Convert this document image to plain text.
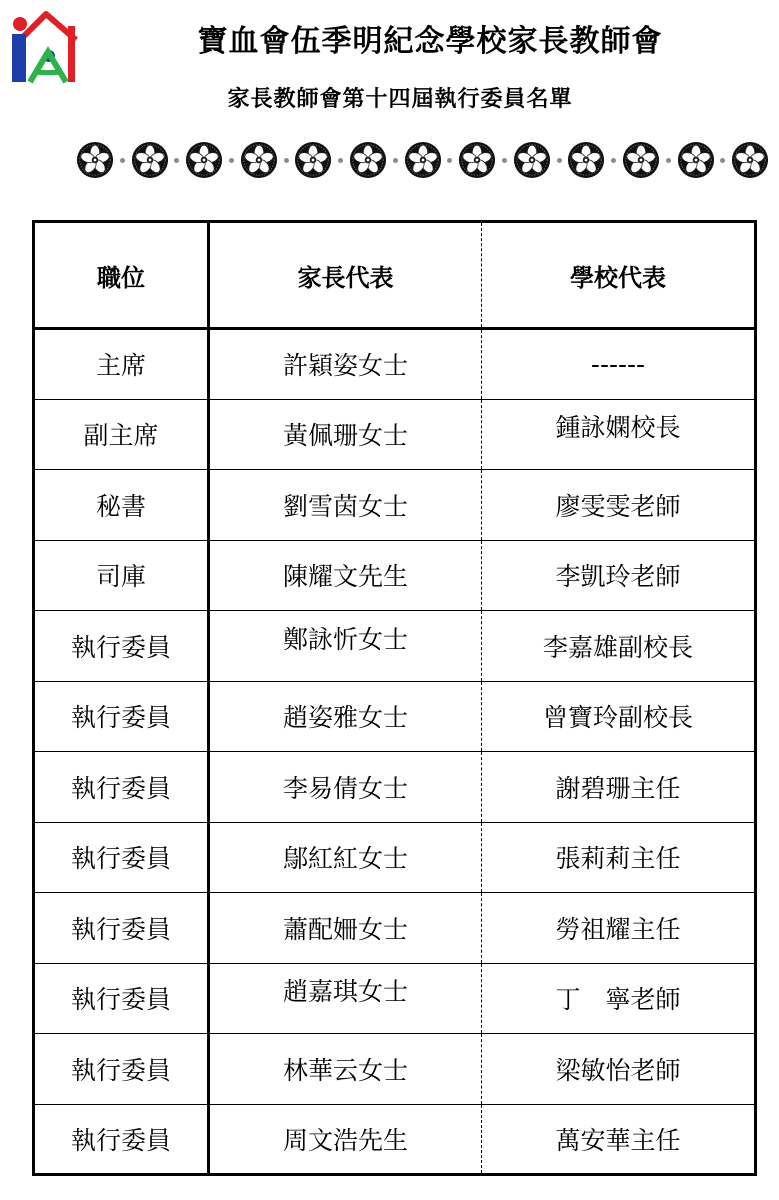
寶血會伍季明紀念學校家長教師會
家長教師會第十四屆執行委員名單
職位	家長代表	學校代表
主席	許穎姿女士	------
副主席	黃佩珊女士	鍾詠嫻校長
秘書	劉雪茵女士	廖雯雯老師
司庫	陳耀文先生	李凱玲老師
執行委員	鄭詠忻女士	李嘉雄副校長
執行委員	趙姿雅女士	曾寶玲副校長
執行委員	李易倩女士	謝碧珊主任
執行委員	鄔紅紅女士	張莉莉主任
執行委員	蕭配姍女士	勞祖耀主任
執行委員	趙嘉琪女士	丁　寧老師
執行委員	林華云女士	梁敏怡老師
執行委員	周文浩先生	萬安華主任
